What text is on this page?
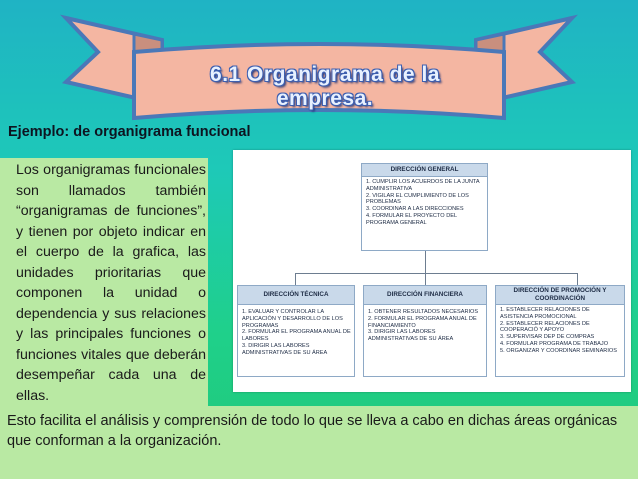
6.1 Organigrama de la
empresa.
Ejemplo: de organigrama funcional
Los organigramas funcionales son llamados también “organigramas de funciones”, y tienen por objeto indicar en el cuerpo de la grafica, las unidades prioritarias que componen la unidad o dependencia y sus relaciones y las principales funciones o funciones vitales que deberán desempeñar cada una de ellas.
DIRECCIÓN GENERAL
1. CUMPLIR LOS ACUERDOS DE LA JUNTA ADMINISTRATIVA
2. VIGILAR EL CUMPLIMIENTO DE LOS PROBLEMAS
3. COORDINAR A LAS DIRECCIONES
4. FORMULAR EL PROYECTO DEL PROGRAMA GENERAL
DIRECCIÓN TÉCNICA
1. EVALUAR Y CONTROLAR LA APLICACIÓN Y DESARROLLO DE LOS PROGRAMAS
2. FORMULAR EL PROGRAMA ANUAL DE LABORES
3. DIRIGIR LAS LABORES ADMINISTRATIVAS DE SU ÁREA
DIRECCIÓN FINANCIERA
1. OBTENER RESULTADOS NECESARIOS
2. FORMULAR EL PROGRAMA ANUAL DE FINANCIAMIENTO
3. DIRIGIR LAS LABORES ADMINISTRATIVAS DE SU ÁREA
DIRECCIÓN DE PROMOCIÓN Y
COORDINACIÓN
1. ESTABLECER RELACIONES DE ASISTENCIA PROMOCIONAL
2. ESTABLECER RELACIONES DE COOPERACIÓ Y APOYO
3. SUPERVISAR DEP DE COMPRAS
4. FORMULAR PROGRAMA DE TRABAJO
5. ORGANIZAR Y COORDINAR SEMINARIOS
Esto facilita el análisis y comprensión de todo lo que se lleva a cabo en dichas áreas orgánicas que conforman a la organización.
